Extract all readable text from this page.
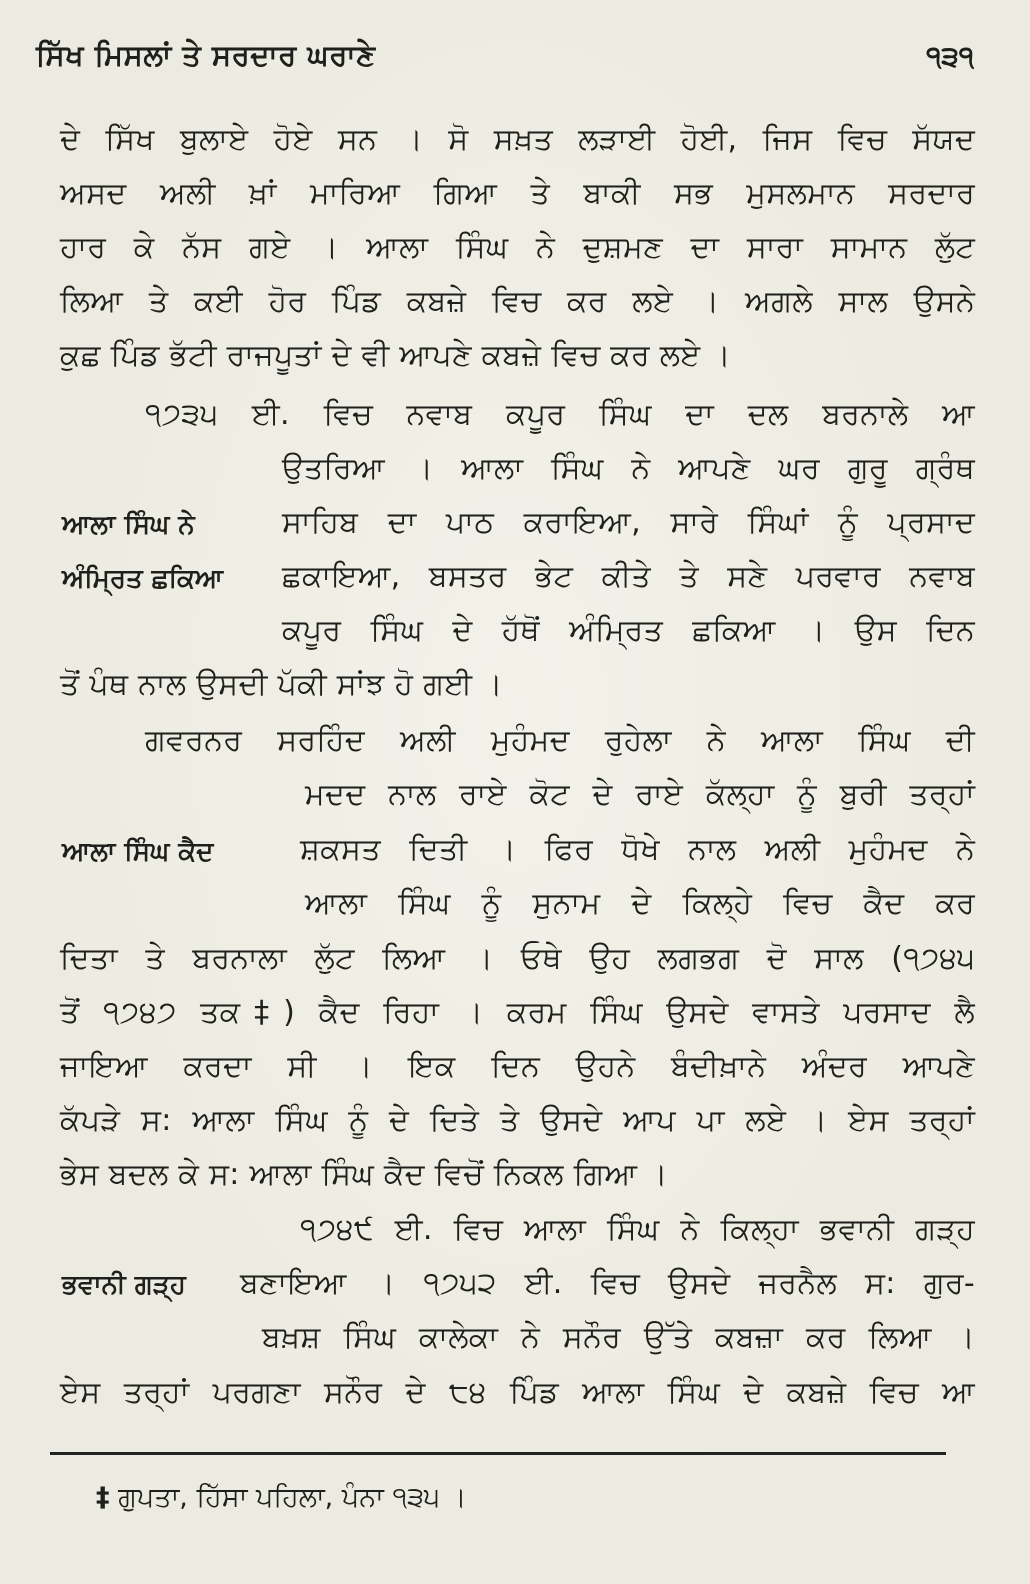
ਸਿੱਖ ਮਿਸਲਾਂ ਤੇ ਸਰਦਾਰ ਘਰਾਣੇ	੧੩੧
ਦੇ ਸਿੱਖ ਬੁਲਾਏ ਹੋਏ ਸਨ । ਸੋ ਸਖ਼ਤ ਲੜਾਈ ਹੋਈ, ਜਿਸ ਵਿਚ ਸੱਯਦ
ਅਸਦ ਅਲੀ ਖ਼ਾਂ ਮਾਰਿਆ ਗਿਆ ਤੇ ਬਾਕੀ ਸਭ ਮੁਸਲਮਾਨ ਸਰਦਾਰ
ਹਾਰ ਕੇ ਨੱਸ ਗਏ । ਆਲਾ ਸਿੰਘ ਨੇ ਦੁਸ਼ਮਣ ਦਾ ਸਾਰਾ ਸਾਮਾਨ ਲੁੱਟ
ਲਿਆ ਤੇ ਕਈ ਹੋਰ ਪਿੰਡ ਕਬਜ਼ੇ ਵਿਚ ਕਰ ਲਏ । ਅਗਲੇ ਸਾਲ ਉਸਨੇ
ਕੁਛ ਪਿੰਡ ਭੱਟੀ ਰਾਜਪੂਤਾਂ ਦੇ ਵੀ ਆਪਣੇ ਕਬਜ਼ੇ ਵਿਚ ਕਰ ਲਏ ।
੧੭੩੫ ਈ. ਵਿਚ ਨਵਾਬ ਕਪੂਰ ਸਿੰਘ ਦਾ ਦਲ ਬਰਨਾਲੇ ਆ
ਉਤਰਿਆ । ਆਲਾ ਸਿੰਘ ਨੇ ਆਪਣੇ ਘਰ ਗੁਰੂ ਗ੍ਰੰਥ
ਸਾਹਿਬ ਦਾ ਪਾਠ ਕਰਾਇਆ, ਸਾਰੇ ਸਿੰਘਾਂ ਨੂੰ ਪ੍ਰਸਾਦ
ਛਕਾਇਆ, ਬਸਤਰ ਭੇਟ ਕੀਤੇ ਤੇ ਸਣੇ ਪਰਵਾਰ ਨਵਾਬ
ਕਪੂਰ ਸਿੰਘ ਦੇ ਹੱਥੋਂ ਅੰਮ੍ਰਿਤ ਛਕਿਆ । ਉਸ ਦਿਨ
ਤੋਂ ਪੰਥ ਨਾਲ ਉਸਦੀ ਪੱਕੀ ਸਾਂਝ ਹੋ ਗਈ ।
ਆਲਾ ਸਿੰਘ ਨੇ
ਅੰਮ੍ਰਿਤ ਛਕਿਆ
ਗਵਰਨਰ ਸਰਹਿੰਦ ਅਲੀ ਮੁਹੰਮਦ ਰੁਹੇਲਾ ਨੇ ਆਲਾ ਸਿੰਘ ਦੀ
ਮਦਦ ਨਾਲ ਰਾਏ ਕੋਟ ਦੇ ਰਾਏ ਕੱਲ੍ਹਾ ਨੂੰ ਬੁਰੀ ਤਰ੍ਹਾਂ
ਸ਼ਕਸਤ ਦਿਤੀ । ਫਿਰ ਧੋਖੇ ਨਾਲ ਅਲੀ ਮੁਹੰਮਦ ਨੇ
ਆਲਾ ਸਿੰਘ ਨੂੰ ਸੁਨਾਮ ਦੇ ਕਿਲ੍ਹੇ ਵਿਚ ਕੈਦ ਕਰ
ਦਿਤਾ ਤੇ ਬਰਨਾਲਾ ਲੁੱਟ ਲਿਆ । ਓਥੇ ਉਹ ਲਗਭਗ ਦੋ ਸਾਲ (੧੭੪੫
ਤੋਂ ੧੭੪੭ ਤਕ‡) ਕੈਦ ਰਿਹਾ । ਕਰਮ ਸਿੰਘ ਉਸਦੇ ਵਾਸਤੇ ਪਰਸਾਦ ਲੈ
ਜਾਇਆ ਕਰਦਾ ਸੀ । ਇਕ ਦਿਨ ਉਹਨੇ ਬੰਦੀਖ਼ਾਨੇ ਅੰਦਰ ਆਪਣੇ
ਕੱਪੜੇ ਸ: ਆਲਾ ਸਿੰਘ ਨੂੰ ਦੇ ਦਿਤੇ ਤੇ ਉਸਦੇ ਆਪ ਪਾ ਲਏ । ਏਸ ਤਰ੍ਹਾਂ
ਭੇਸ ਬਦਲ ਕੇ ਸ: ਆਲਾ ਸਿੰਘ ਕੈਦ ਵਿਚੋਂ ਨਿਕਲ ਗਿਆ ।
ਆਲਾ ਸਿੰਘ ਕੈਦ
੧੭੪੯ ਈ. ਵਿਚ ਆਲਾ ਸਿੰਘ ਨੇ ਕਿਲ੍ਹਾ ਭਵਾਨੀ ਗੜ੍ਹ
ਬਣਾਇਆ । ੧੭੫੨ ਈ. ਵਿਚ ਉਸਦੇ ਜਰਨੈਲ ਸ: ਗੁਰ-
ਬਖ਼ਸ਼ ਸਿੰਘ ਕਾਲੇਕਾ ਨੇ ਸਨੌਰ ਉੱਤੇ ਕਬਜ਼ਾ ਕਰ ਲਿਆ ।
ਏਸ ਤਰ੍ਹਾਂ ਪਰਗਣਾ ਸਨੌਰ ਦੇ ੮੪ ਪਿੰਡ ਆਲਾ ਸਿੰਘ ਦੇ ਕਬਜ਼ੇ ਵਿਚ ਆ
ਭਵਾਨੀ ਗੜ੍ਹ
‡ ਗੁਪਤਾ, ਹਿੱਸਾ ਪਹਿਲਾ, ਪੰਨਾ ੧੩੫ ।
